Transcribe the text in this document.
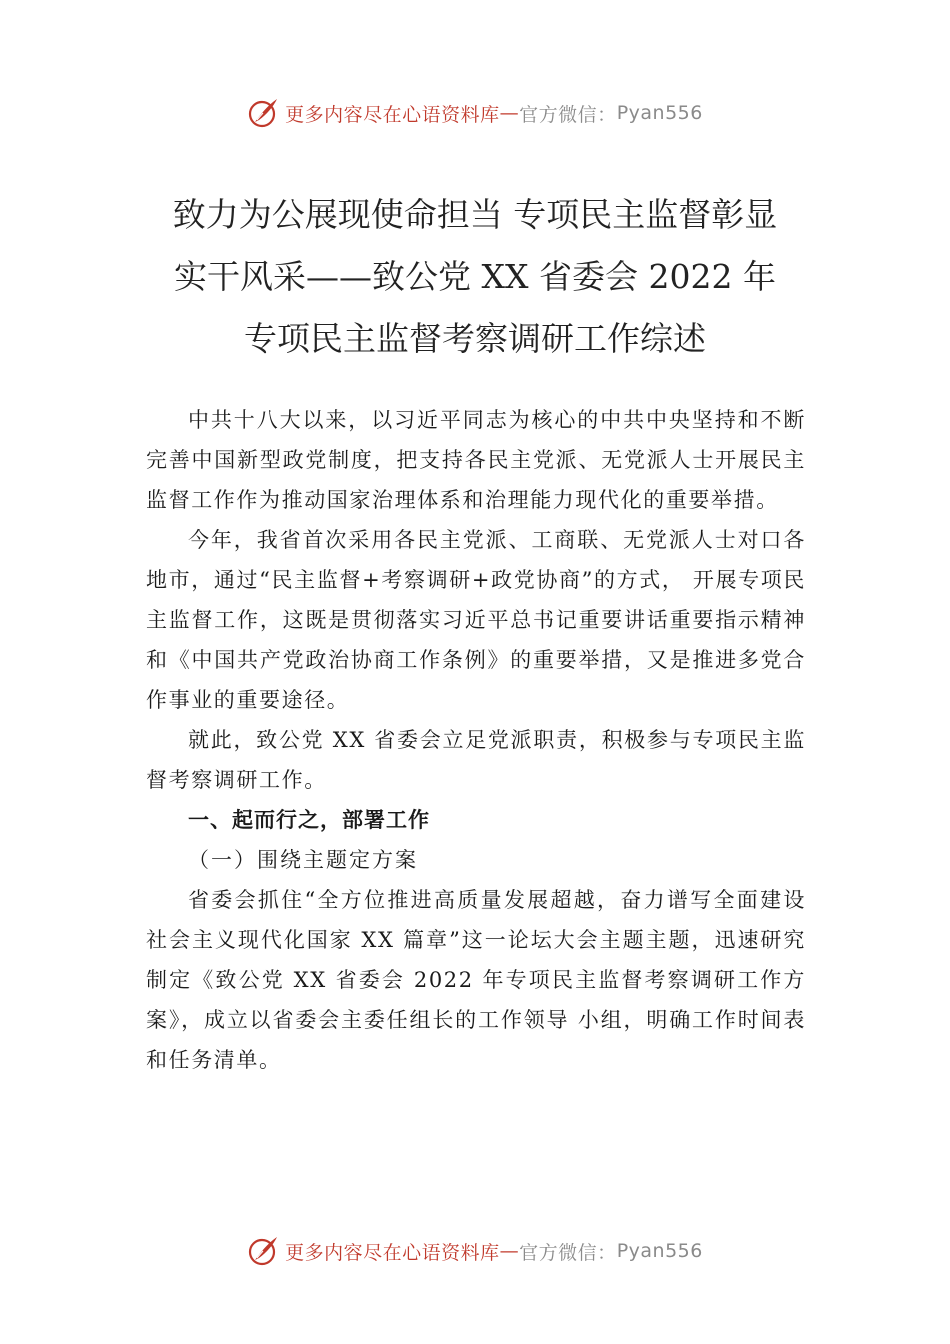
更多内容尽在心语资料库 — 官方微信： Pyan556
致力为公展现使命担当 专项民主监督彰显
实干风采——致公党 XX 省委会 2022 年
专项民主监督考察调研工作综述

中共十八大以来，以习近平同志为核心的中共中央坚持和不断完善中国新型政党制度，把支持各民主党派、无党派人士开展民主监督工作作为推动国家治理体系和治理能力现代化的重要举措。

今年，我省首次采用各民主党派、工商联、无党派人士对口各地市，通过“民主监督+考察调研+政党协商”的方式， 开展专项民主监督工作，这既是贯彻落实习近平总书记重要讲话重要指示精神和《中国共产党政治协商工作条例》的重要举措，又是推进多党合作事业的重要途径。

就此，致公党 XX 省委会立足党派职责，积极参与专项民主监督考察调研工作。

一、起而行之，部署工作

（一）围绕主题定方案

省委会抓住“全方位推进高质量发展超越，奋力谱写全面建设社会主义现代化国家 XX 篇章”这一论坛大会主题主题，迅速研究制定《致公党 XX 省委会 2022 年专项民主监督考察调研工作方案》，成立以省委会主委任组长的工作领导 小组，明确工作时间表和任务清单。

更多内容尽在心语资料库 — 官方微信： Pyan556
